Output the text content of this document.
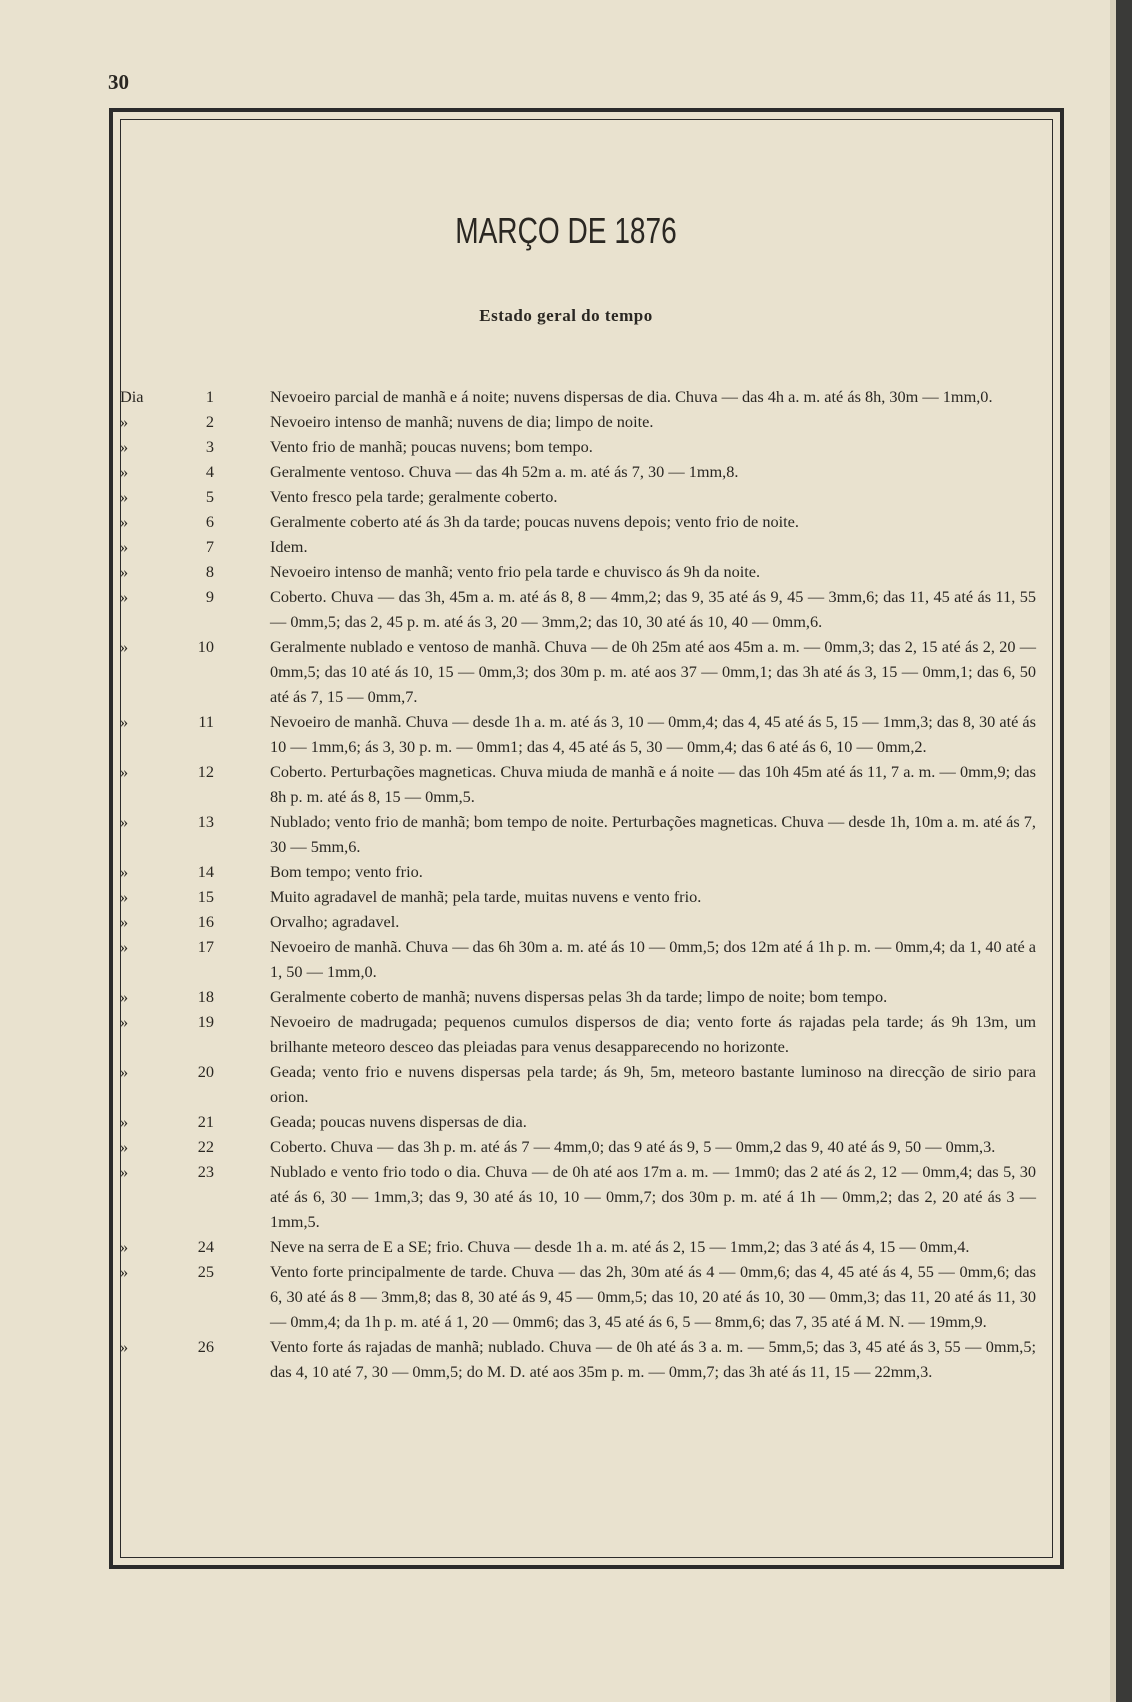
30
MARÇO DE 1876
Estado geral do tempo
Dia	1	Nevoeiro parcial de manhã e á noite; nuvens dispersas de dia. Chuva — das 4h a. m. até ás 8h, 30m — 1mm,0.
»	2	Nevoeiro intenso de manhã; nuvens de dia; limpo de noite.
»	3	Vento frio de manhã; poucas nuvens; bom tempo.
»	4	Geralmente ventoso. Chuva — das 4h 52m a. m. até ás 7, 30 — 1mm,8.
»	5	Vento fresco pela tarde; geralmente coberto.
»	6	Geralmente coberto até ás 3h da tarde; poucas nuvens depois; vento frio de noite.
»	7	Idem.
»	8	Nevoeiro intenso de manhã; vento frio pela tarde e chuvisco ás 9h da noite.
»	9	Coberto. Chuva — das 3h, 45m a. m. até ás 8, 8 — 4mm,2; das 9, 35 até ás 9, 45 — 3mm,6; das 11, 45 até ás 11, 55 — 0mm,5; das 2, 45 p. m. até ás 3, 20 — 3mm,2; das 10, 30 até ás 10, 40 — 0mm,6.
»	10	Geralmente nublado e ventoso de manhã. Chuva — de 0h 25m até aos 45m a. m. — 0mm,3; das 2, 15 até ás 2, 20 — 0mm,5; das 10 até ás 10, 15 — 0mm,3; dos 30m p. m. até aos 37 — 0mm,1; das 3h até ás 3, 15 — 0mm,1; das 6, 50 até ás 7, 15 — 0mm,7.
»	11	Nevoeiro de manhã. Chuva — desde 1h a. m. até ás 3, 10 — 0mm,4; das 4, 45 até ás 5, 15 — 1mm,3; das 8, 30 até ás 10 — 1mm,6; ás 3, 30 p. m. — 0mm1; das 4, 45 até ás 5, 30 — 0mm,4; das 6 até ás 6, 10 — 0mm,2.
»	12	Coberto. Perturbações magneticas. Chuva miuda de manhã e á noite — das 10h 45m até ás 11, 7 a. m. — 0mm,9; das 8h p. m. até ás 8, 15 — 0mm,5.
»	13	Nublado; vento frio de manhã; bom tempo de noite. Perturbações magneticas. Chuva — desde 1h, 10m a. m. até ás 7, 30 — 5mm,6.
»	14	Bom tempo; vento frio.
»	15	Muito agradavel de manhã; pela tarde, muitas nuvens e vento frio.
»	16	Orvalho; agradavel.
»	17	Nevoeiro de manhã. Chuva — das 6h 30m a. m. até ás 10 — 0mm,5; dos 12m até á 1h p. m. — 0mm,4; da 1, 40 até a 1, 50 — 1mm,0.
»	18	Geralmente coberto de manhã; nuvens dispersas pelas 3h da tarde; limpo de noite; bom tempo.
»	19	Nevoeiro de madrugada; pequenos cumulos dispersos de dia; vento forte ás rajadas pela tarde; ás 9h 13m, um brilhante meteoro desceo das pleiadas para venus desapparecendo no horizonte.
»	20	Geada; vento frio e nuvens dispersas pela tarde; ás 9h, 5m, meteoro bastante luminoso na direcção de sirio para orion.
»	21	Geada; poucas nuvens dispersas de dia.
»	22	Coberto. Chuva — das 3h p. m. até ás 7 — 4mm,0; das 9 até ás 9, 5 — 0mm,2 das 9, 40 até ás 9, 50 — 0mm,3.
»	23	Nublado e vento frio todo o dia. Chuva — de 0h até aos 17m a. m. — 1mm0; das 2 até ás 2, 12 — 0mm,4; das 5, 30 até ás 6, 30 — 1mm,3; das 9, 30 até ás 10, 10 — 0mm,7; dos 30m p. m. até á 1h — 0mm,2; das 2, 20 até ás 3 — 1mm,5.
»	24	Neve na serra de E a SE; frio. Chuva — desde 1h a. m. até ás 2, 15 — 1mm,2; das 3 até ás 4, 15 — 0mm,4.
»	25	Vento forte principalmente de tarde. Chuva — das 2h, 30m até ás 4 — 0mm,6; das 4, 45 até ás 4, 55 — 0mm,6; das 6, 30 até ás 8 — 3mm,8; das 8, 30 até ás 9, 45 — 0mm,5; das 10, 20 até ás 10, 30 — 0mm,3; das 11, 20 até ás 11, 30 — 0mm,4; da 1h p. m. até á 1, 20 — 0mm6; das 3, 45 até ás 6, 5 — 8mm,6; das 7, 35 até á M. N. — 19mm,9.
»	26	Vento forte ás rajadas de manhã; nublado. Chuva — de 0h até ás 3 a. m. — 5mm,5; das 3, 45 até ás 3, 55 — 0mm,5; das 4, 10 até 7, 30 — 0mm,5; do M. D. até aos 35m p. m. — 0mm,7; das 3h até ás 11, 15 — 22mm,3.
